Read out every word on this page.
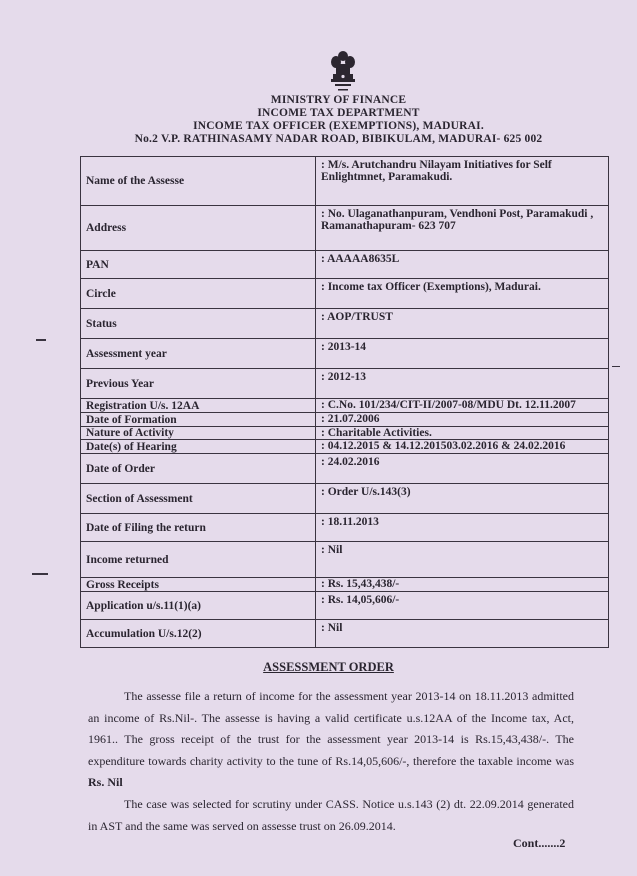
MINISTRY OF FINANCE
INCOME TAX DEPARTMENT
INCOME TAX OFFICER (EXEMPTIONS), MADURAI.
No.2 V.P. RATHINASAMY NADAR ROAD, BIBIKULAM, MADURAI- 625 002
Name of the Assesse	: M/s. Arutchandru Nilayam Initiatives for Self Enlightmnet, Paramakudi.
Address	: No. Ulaganathanpuram, Vendhoni Post, Paramakudi , Ramanathapuram- 623 707
PAN	: AAAAA8635L
Circle	: Income tax Officer (Exemptions), Madurai.
Status	: AOP/TRUST
Assessment year	: 2013-14
Previous Year	: 2012-13
Registration U/s. 12AA	: C.No. 101/234/CIT-II/2007-08/MDU Dt. 12.11.2007
Date of Formation	: 21.07.2006
Nature of Activity	: Charitable Activities.
Date(s) of Hearing	: 04.12.2015 & 14.12.201503.02.2016 & 24.02.2016
Date of Order	: 24.02.2016
Section of Assessment	: Order U/s.143(3)
Date of Filing the return	: 18.11.2013
Income returned	: Nil
Gross Receipts	: Rs. 15,43,438/-
Application u/s.11(1)(a)	: Rs. 14,05,606/-
Accumulation U/s.12(2)	: Nil
ASSESSMENT ORDER
The assesse file a return of income for the assessment year 2013-14 on 18.11.2013 admitted an income of Rs.Nil-. The assesse is having a valid certificate u.s.12AA of the Income tax, Act, 1961.. The gross receipt of the trust for the assessment year 2013-14 is Rs.15,43,438/-. The expenditure towards charity activity to the tune of Rs.14,05,606/-, therefore the taxable income was Rs. Nil
The case was selected for scrutiny under CASS. Notice u.s.143 (2) dt. 22.09.2014 generated in AST and the same was served on assesse trust on 26.09.2014.
Cont.......2
